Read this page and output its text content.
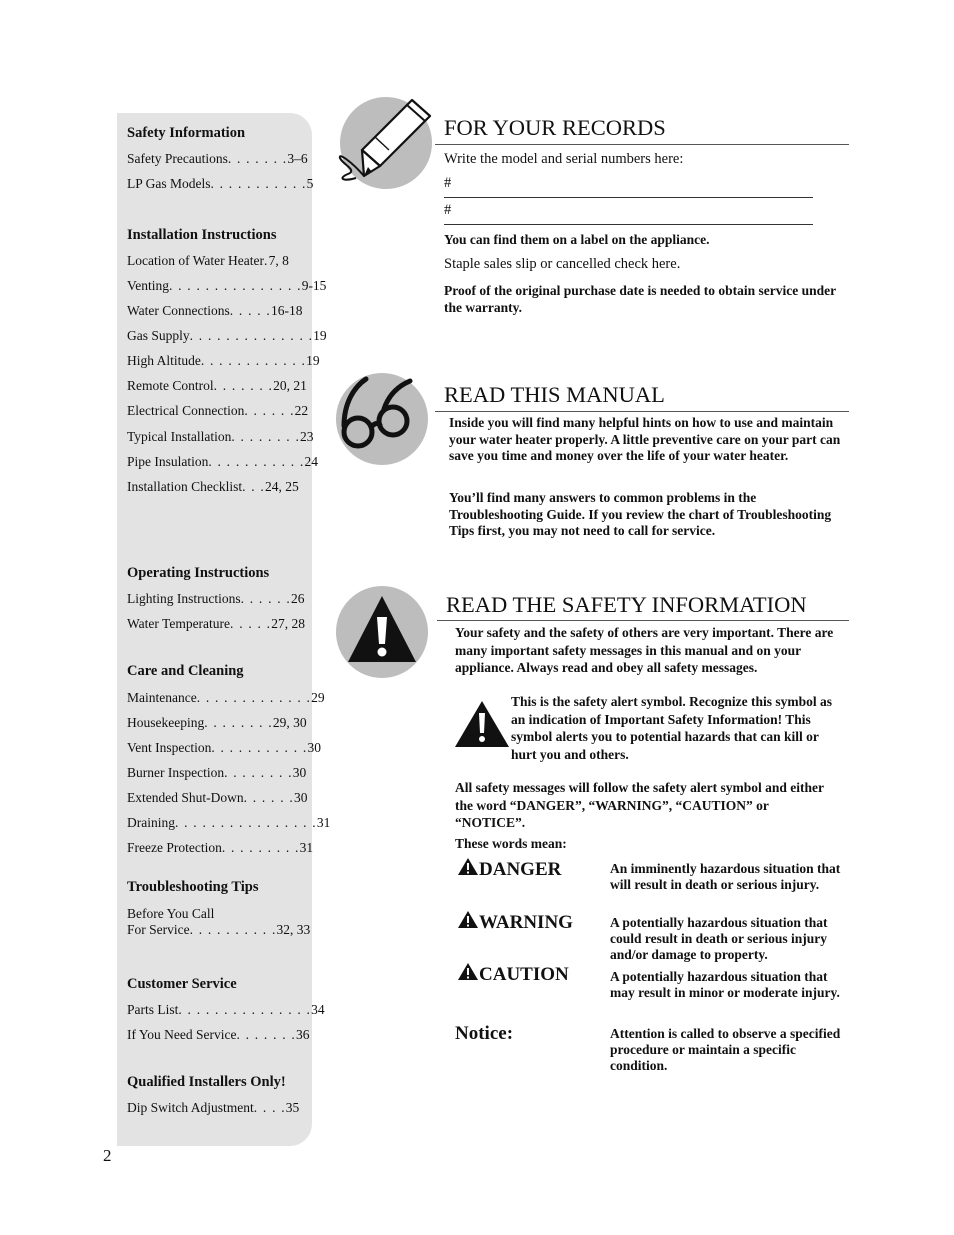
Safety Information

Safety Precautions. . . . . . .3–6

LP Gas Models. . . . . . . . . . .5

Installation Instructions

Location of Water Heater.7, 8

Venting. . . . . . . . . . . . . . .9-15

Water Connections. . . . .16-18

Gas Supply. . . . . . . . . . . . . .19

High Altitude. . . . . . . . . . . .19

Remote Control. . . . . . .20, 21

Electrical Connection. . . . . .22

Typical Installation. . . . . . . .23

Pipe Insulation. . . . . . . . . . .24

Installation Checklist. . .24, 25

Operating Instructions

Lighting Instructions. . . . . .26

Water Temperature. . . . .27, 28

Care and Cleaning

Maintenance. . . . . . . . . . . . .29

Housekeeping. . . . . . . .29, 30

Vent Inspection. . . . . . . . . . .30

Burner Inspection. . . . . . . .30

Extended Shut-Down. . . . . .30

Draining. . . . . . . . . . . . . . . .31

Freeze Protection. . . . . . . . .31

Troubleshooting Tips

Before You Call

For Service. . . . . . . . . .32, 33

Customer Service

Parts List. . . . . . . . . . . . . . .34

If You Need Service. . . . . . .36

Qualified Installers Only!

Dip Switch Adjustment. . . .35

2
FOR YOUR RECORDS

Write the model and serial numbers here:

#
#

You can find them on a label on the appliance.

Staple sales slip or cancelled check here.

Proof of the original purchase date is needed to obtain service under the warranty.

READ THIS MANUAL

Inside you will find many helpful hints on how to use and maintain your water heater properly. A little preventive care on your part can save you time and money over the life of your water heater.

You’ll find many answers to common problems in the Troubleshooting Guide. If you review the chart of Troubleshooting Tips first, you may not need to call for service.

READ THE SAFETY INFORMATION

Your safety and the safety of others are very important. There are many important safety messages in this manual and on your appliance. Always read and obey all safety messages.

This is the safety alert symbol. Recognize this symbol as an indication of Important Safety Information! This symbol alerts you to potential hazards that can kill or hurt you and others.

All safety messages will follow the safety alert symbol and either the word “DANGER”, “WARNING”, “CAUTION” or “NOTICE”.

These words mean:

DANGER	An imminently hazardous situation that will result in death or serious injury.

WARNING	A potentially hazardous situation that could result in death or serious injury and/or damage to property.

CAUTION	A potentially hazardous situation that may result in minor or moderate injury.

Notice:	Attention is called to observe a specified procedure or maintain a specific condition.
